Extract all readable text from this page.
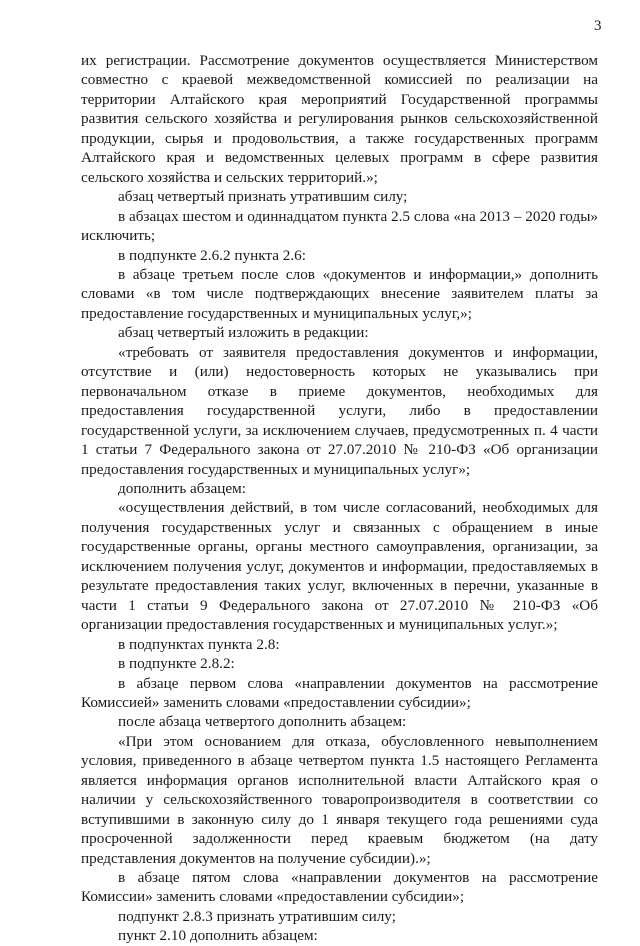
3

их регистрации. Рассмотрение документов осуществляется Министерством совместно с краевой межведомственной комиссией по реализации на территории Алтайского края мероприятий Государственной программы развития сельского хозяйства и регулирования рынков сельскохозяйственной продукции, сырья и продовольствия, а также государственных программ Алтайского края и ведомственных целевых программ в сфере развития сельского хозяйства и сельских территорий.»;

абзац четвертый признать утратившим силу;

в абзацах шестом и одиннадцатом пункта 2.5 слова «на 2013 – 2020 годы» исключить;

в подпункте 2.6.2 пункта 2.6:

в абзаце третьем после слов «документов и информации,» дополнить словами «в том числе подтверждающих внесение заявителем платы за предоставление государственных и муниципальных услуг,»;

абзац четвертый изложить в редакции:

«требовать от заявителя предоставления документов и информации, отсутствие и (или) недостоверность которых не указывались при первоначальном отказе в приеме документов, необходимых для предоставления государственной услуги, либо в предоставлении государственной услуги, за исключением случаев, предусмотренных п. 4 части 1 статьи 7 Федерального закона от 27.07.2010 № 210-ФЗ «Об организации предоставления государственных и муниципальных услуг»;

дополнить абзацем:

«осуществления действий, в том числе согласований, необходимых для получения государственных услуг и связанных с обращением в иные государственные органы, органы местного самоуправления, организации, за исключением получения услуг, документов и информации, предоставляемых в результате предоставления таких услуг, включенных в перечни, указанные в части 1 статьи 9 Федерального закона от 27.07.2010 № 210-ФЗ «Об организации предоставления государственных и муниципальных услуг.»;

в подпунктах пункта 2.8:

в подпункте 2.8.2:

в абзаце первом слова «направлении документов на рассмотрение Комиссией» заменить словами «предоставлении субсидии»;

после абзаца четвертого дополнить абзацем:

«При этом основанием для отказа, обусловленного невыполнением условия, приведенного в абзаце четвертом пункта 1.5 настоящего Регламента является информация органов исполнительной власти Алтайского края о наличии у сельскохозяйственного товаропроизводителя в соответствии со вступившими в законную силу до 1 января текущего года решениями суда просроченной задолженности перед краевым бюджетом (на дату представления документов на получение субсидии).»;

в абзаце пятом слова «направлении документов на рассмотрение Комиссии» заменить словами «предоставлении субсидии»;

подпункт 2.8.3 признать утратившим силу;

пункт 2.10 дополнить абзацем:
